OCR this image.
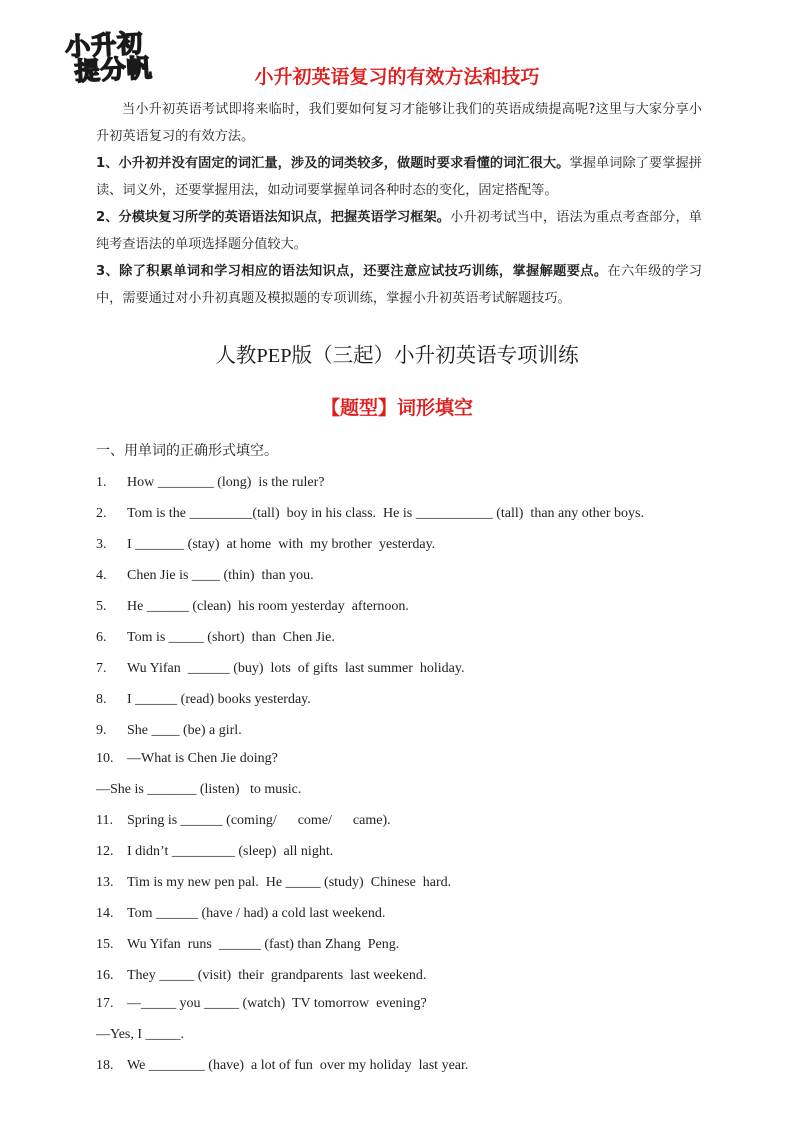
小升初
提分帆	小升初英语复习的有效方法和技巧

当小升初英语考试即将来临时，我们要如何复习才能够让我们的英语成绩提高呢?这里与大家分享小升初英语复习的有效方法。

1、小升初并没有固定的词汇量，涉及的词类较多，做题时要求看懂的词汇很大。掌握单词除了要掌握拼读、词义外，还要掌握用法，如动词要掌握单词各种时态的变化，固定搭配等。

2、分模块复习所学的英语语法知识点，把握英语学习框架。小升初考试当中，语法为重点考查部分，单纯考查语法的单项选择题分值较大。

3、除了积累单词和学习相应的语法知识点，还要注意应试技巧训练，掌握解题要点。在六年级的学习中，需要通过对小升初真题及模拟题的专项训练，掌握小升初英语考试解题技巧。

人教PEP版（三起）小升初英语专项训练
【题型】词形填空
一、用单词的正确形式填空。
1. How ________ (long)  is the ruler?
2. Tom is the _________(tall)  boy in his class.  He is ___________ (tall)  than any other boys.
3. I _______ (stay)  at home  with  my brother  yesterday.
4. Chen Jie is ____ (thin)  than you.
5. He ______ (clean)  his room yesterday  afternoon.
6. Tom is _____ (short)  than  Chen Jie.
7. Wu Yifan  ______ (buy)  lots  of gifts  last summer  holiday.
8. I ______ (read) books yesterday.
9. She ____ (be) a girl.
10. —What is Chen Jie doing?
—She is _______ (listen)   to music.
11. Spring is ______ (coming/      come/      came).
12. I didn’t _________ (sleep)  all night.
13. Tim is my new pen pal.  He _____ (study)  Chinese  hard.
14. Tom ______ (have / had) a cold last weekend.
15. Wu Yifan  runs  ______ (fast) than Zhang  Peng.
16. They _____ (visit)  their  grandparents  last weekend.
17. —_____ you _____ (watch)  TV tomorrow  evening?
—Yes, I _____.
18. We ________ (have)  a lot of fun  over my holiday  last year.
